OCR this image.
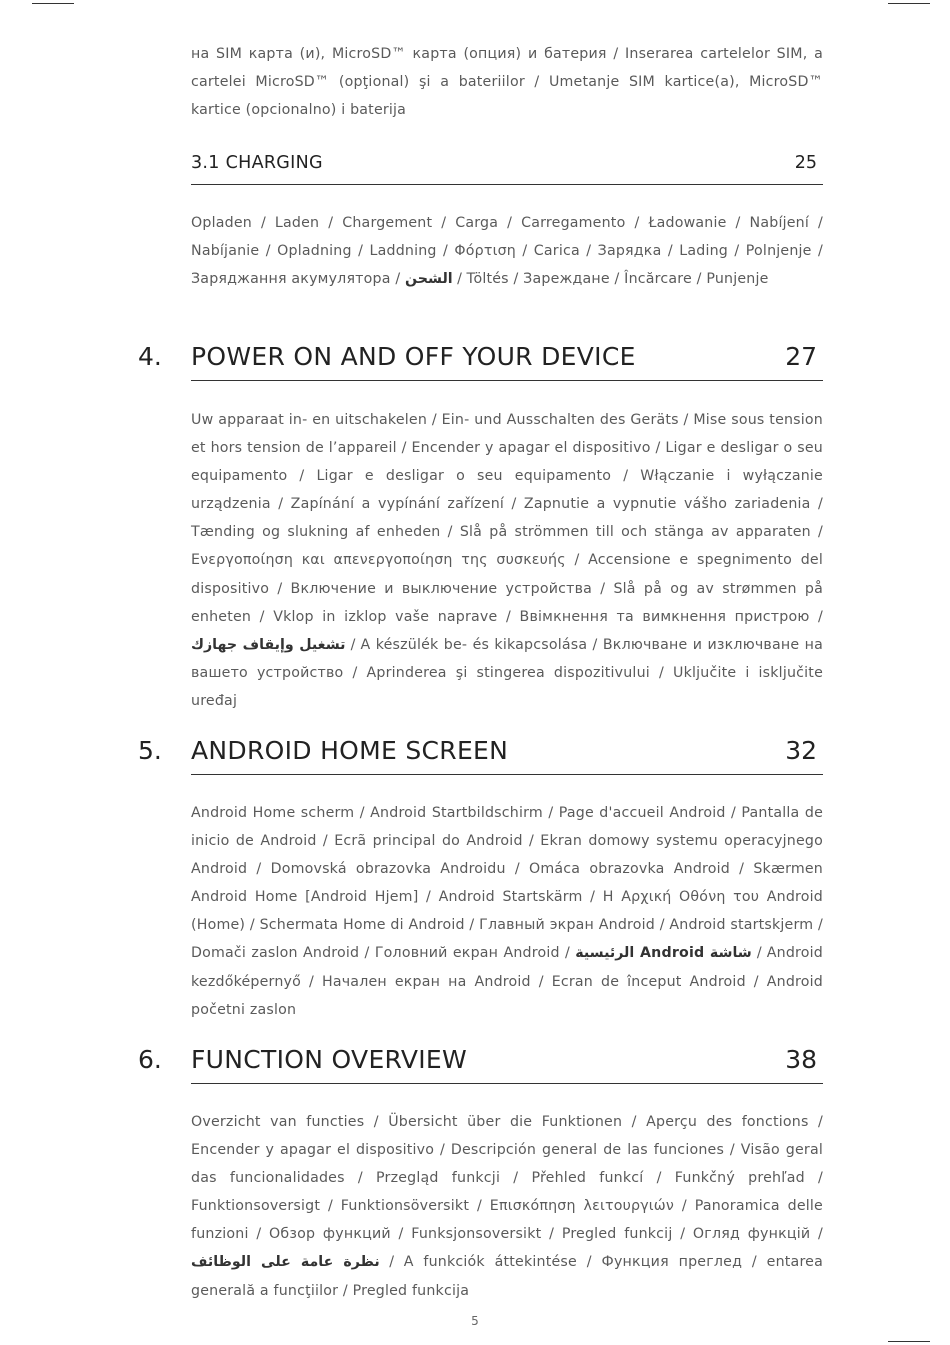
на SIM карта (и), MicroSD™ карта (опция) и батерия / Inserarea cartelelor SIM, a cartelei MicroSD™ (opţional) şi a bateriilor / Umetanje SIM kartice(a), MicroSD™ kartice (opcionalno) i baterija
3.1 CHARGING	25
Opladen / Laden / Chargement / Carga / Carregamento / Ładowanie / Nabíjení / Nabíjanie / Opladning / Laddning / Φόρτιση / Carica / Зарядка / Lading / Polnjenje / Заряджання акумулятора / الشحن / Töltés / Зареждане / Încărcare / Punjenje
4. POWER ON AND OFF YOUR DEVICE	27
Uw apparaat in- en uitschakelen / Ein- und Ausschalten des Geräts / Mise sous tension et hors tension de l’appareil / Encender y apagar el dispositivo / Ligar e desligar o seu equipamento / Ligar e desligar o seu equipamento / Włączanie i wyłączanie urządzenia / Zapínání a vypínání zařízení / Zapnutie a vypnutie vášho zariadenia / Tænding og slukning af enheden / Slå på strömmen till och stänga av apparaten / Ενεργοποίηση και απενεργοποίηση της συσκευής / Accensione e spegnimento del dispositivo / Включение и выключение устройства / Slå på og av strømmen på enheten / Vklop in izklop vaše naprave / Ввімкнення та вимкнення пристрою / تشغيل وإيقاف جهازك / A készülék be- és kikapcsolása / Включване и изключване на вашето устройство / Aprinderea şi stingerea dispozitivului / Uključite i isključite uređaj
5. ANDROID HOME SCREEN	32
Android Home scherm / Android Startbildschirm / Page d'accueil Android / Pantalla de inicio de Android / Ecrã principal do Android / Ekran domowy systemu operacyjnego Android / Domovská obrazovka Androidu / Omáca obrazovka Android / Skærmen Android Home [Android Hjem] / Android Startskärm / Η Αρχική Οθόνη του Android (Home) / Schermata Home di Android / Главный экран Android / Android startskjerm / Domači zaslon Android / Головний екран Android / شاشة Android الرئيسية / Android kezdőképernyő / Начален екран на Android / Ecran de început Android / Android početni zaslon
6. FUNCTION OVERVIEW	38
Overzicht van functies / Übersicht über die Funktionen / Aperçu des fonctions / Encender y apagar el dispositivo / Descripción general de las funciones / Visão geral das funcionalidades / Przegląd funkcji / Přehled funkcí / Funkčný prehľad / Funktionsoversigt / Funktionsöversikt / Επισκόπηση λειτουργιών / Panoramica delle funzioni / Обзор функций / Funksjonsoversikt / Pregled funkcij / Огляд функцій / نظرة عامة على الوظائف / A funkciók áttekintése / Функция преглед / entarea generală a funcţiilor / Pregled funkcija
5
